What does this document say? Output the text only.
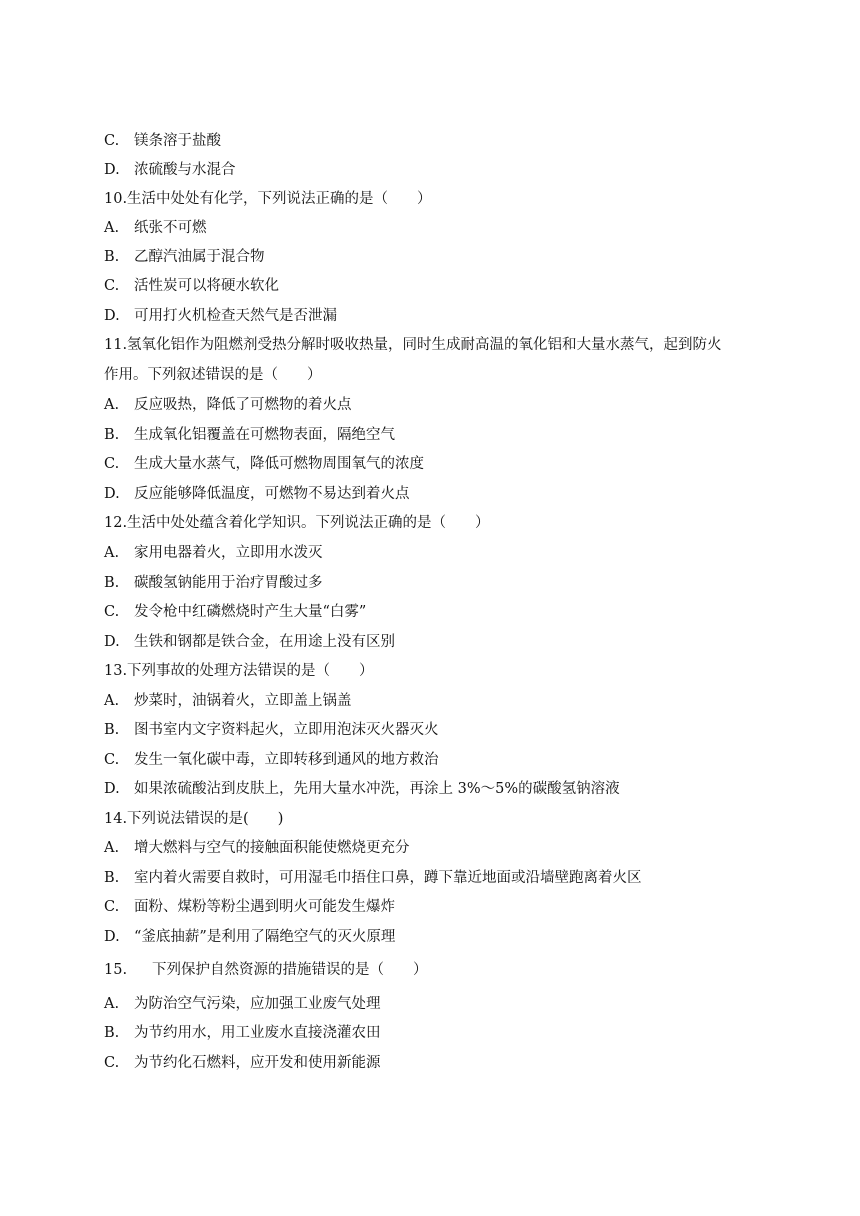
C. 镁条溶于盐酸
D. 浓硫酸与水混合
10.生活中处处有化学，下列说法正确的是（　　）
A. 纸张不可燃
B. 乙醇汽油属于混合物
C. 活性炭可以将硬水软化
D. 可用打火机检查天然气是否泄漏
11.氢氧化铝作为阻燃剂受热分解时吸收热量，同时生成耐高温的氧化铝和大量水蒸气，起到防火
作用。下列叙述错误的是（　　）
A. 反应吸热，降低了可燃物的着火点
B. 生成氧化铝覆盖在可燃物表面，隔绝空气
C. 生成大量水蒸气，降低可燃物周围氧气的浓度
D. 反应能够降低温度，可燃物不易达到着火点
12.生活中处处蕴含着化学知识。下列说法正确的是（　　）
A. 家用电器着火，立即用水泼灭
B. 碳酸氢钠能用于治疗胃酸过多
C. 发令枪中红磷燃烧时产生大量“白雾”
D. 生铁和钢都是铁合金，在用途上没有区别
13.下列事故的处理方法错误的是（　　）
A. 炒菜时，油锅着火，立即盖上锅盖
B. 图书室内文字资料起火，立即用泡沫灭火器灭火
C. 发生一氧化碳中毒，立即转移到通风的地方救治
D. 如果浓硫酸沾到皮肤上，先用大量水冲洗，再涂上 3%～5%的碳酸氢钠溶液
14.下列说法错误的是(　　)
A. 增大燃料与空气的接触面积能使燃烧更充分
B. 室内着火需要自救时，可用湿毛巾捂住口鼻，蹲下靠近地面或沿墙壁跑离着火区
C. 面粉、煤粉等粉尘遇到明火可能发生爆炸
D. “釜底抽薪”是利用了隔绝空气的灭火原理
15. 下列保护自然资源的措施错误的是（　　）
A. 为防治空气污染，应加强工业废气处理
B. 为节约用水，用工业废水直接浇灌农田
C. 为节约化石燃料，应开发和使用新能源
